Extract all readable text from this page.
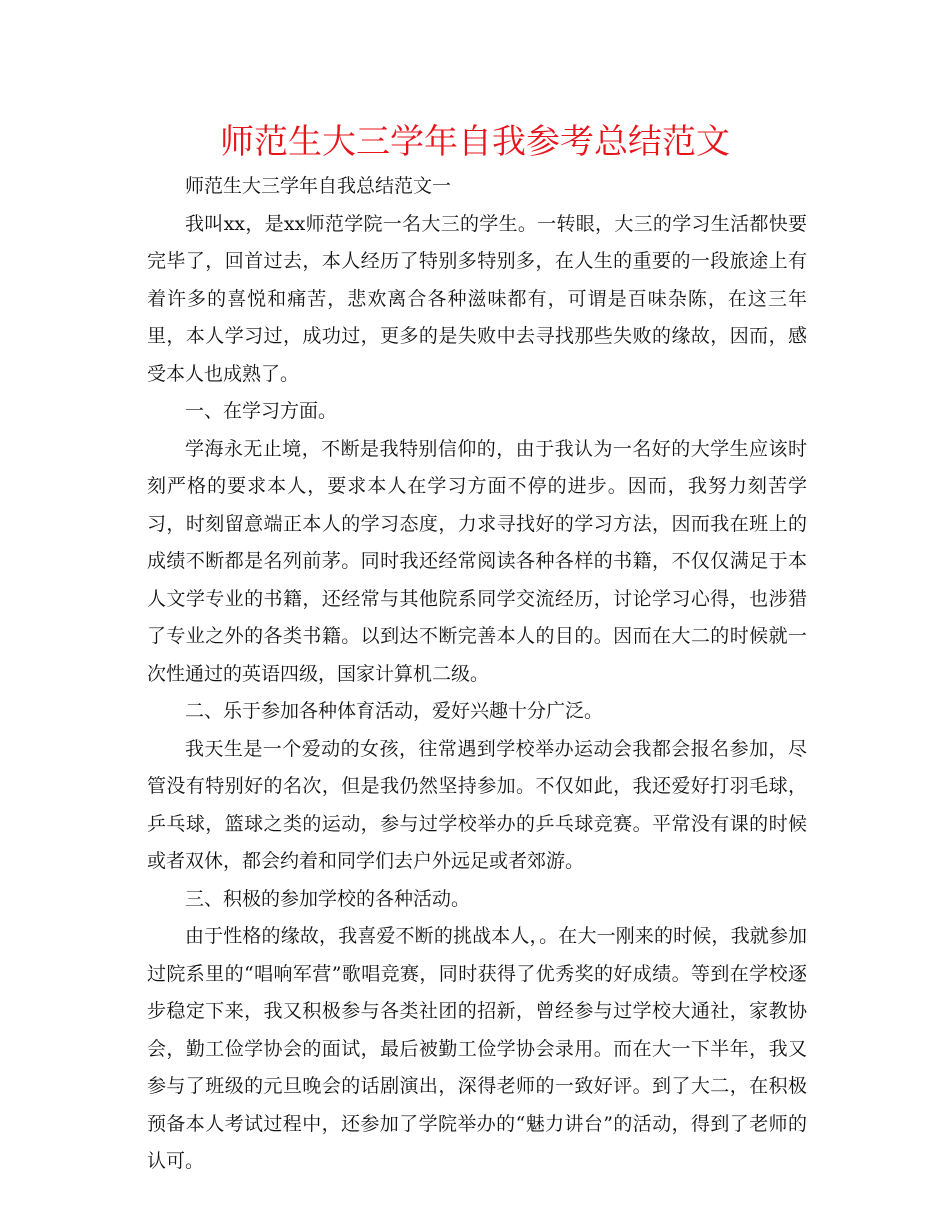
师范生大三学年自我参考总结范文

师范生大三学年自我总结范文一

我叫xx，是xx师范学院一名大三的学生。一转眼，大三的学习生活都快要完毕了，回首过去，本人经历了特别多特别多，在人生的重要的一段旅途上有着许多的喜悦和痛苦，悲欢离合各种滋味都有，可谓是百味杂陈，在这三年里，本人学习过，成功过，更多的是失败中去寻找那些失败的缘故，因而，感受本人也成熟了。

一、在学习方面。

学海永无止境，不断是我特别信仰的，由于我认为一名好的大学生应该时刻严格的要求本人，要求本人在学习方面不停的进步。因而，我努力刻苦学习，时刻留意端正本人的学习态度，力求寻找好的学习方法，因而我在班上的成绩不断都是名列前茅。同时我还经常阅读各种各样的书籍，不仅仅满足于本人文学专业的书籍，还经常与其他院系同学交流经历，讨论学习心得，也涉猎了专业之外的各类书籍。以到达不断完善本人的目的。因而在大二的时候就一次性通过的英语四级，国家计算机二级。

二、乐于参加各种体育活动，爱好兴趣十分广泛。

我天生是一个爱动的女孩，往常遇到学校举办运动会我都会报名参加，尽管没有特别好的名次，但是我仍然坚持参加。不仅如此，我还爱好打羽毛球，乒乓球，篮球之类的运动，参与过学校举办的乒乓球竞赛。平常没有课的时候或者双休，都会约着和同学们去户外远足或者郊游。

三、积极的参加学校的各种活动。

由于性格的缘故，我喜爱不断的挑战本人，。在大一刚来的时候，我就参加过院系里的“唱响军营”歌唱竞赛，同时获得了优秀奖的好成绩。等到在学校逐步稳定下来，我又积极参与各类社团的招新，曾经参与过学校大通社，家教协会，勤工俭学协会的面试，最后被勤工俭学协会录用。而在大一下半年，我又参与了班级的元旦晚会的话剧演出，深得老师的一致好评。到了大二，在积极预备本人考试过程中，还参加了学院举办的“魅力讲台”的活动，得到了老师的认可。
